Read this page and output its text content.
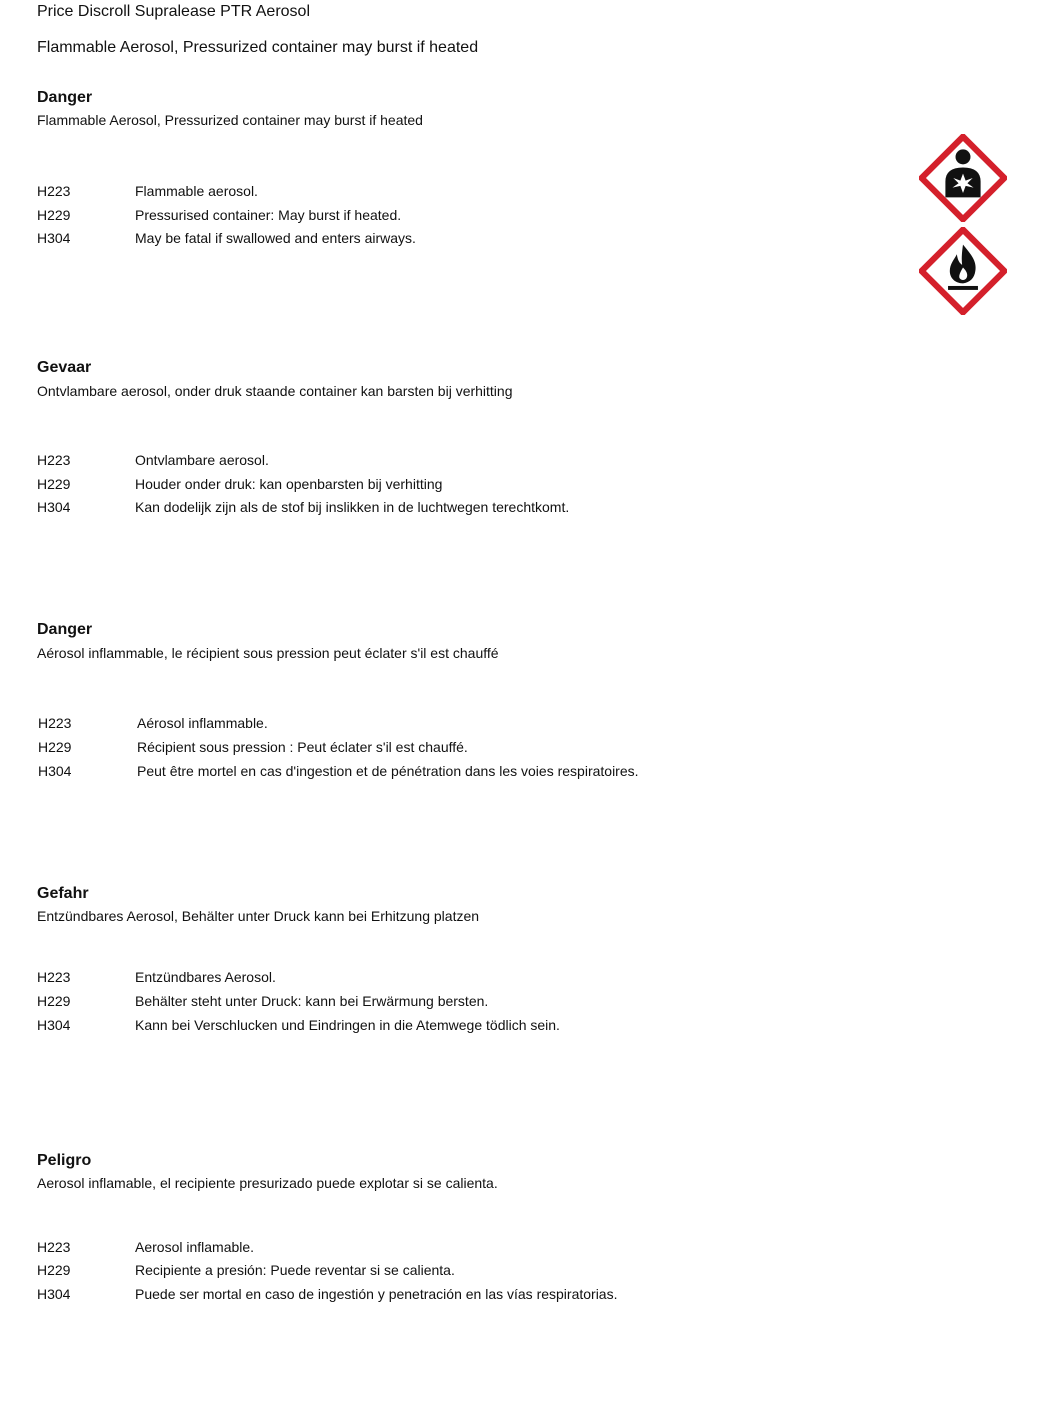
Price Discroll Supralease PTR Aerosol
Flammable Aerosol, Pressurized container may burst if heated
Danger
Flammable Aerosol, Pressurized container may burst if heated
H223	Flammable aerosol.
H229	Pressurised container: May burst if heated.
H304	May be fatal if swallowed and enters airways.
Gevaar
Ontvlambare aerosol, onder druk staande container kan barsten bij verhitting
H223	Ontvlambare aerosol.
H229	Houder onder druk: kan openbarsten bij verhitting
H304	Kan dodelijk zijn als de stof bij inslikken in de luchtwegen terechtkomt.
Danger
Aérosol inflammable, le récipient sous pression peut éclater s'il est chauffé
H223	Aérosol inflammable.
H229	Récipient sous pression : Peut éclater s'il est chauffé.
H304	Peut être mortel en cas d'ingestion et de pénétration dans les voies respiratoires.
Gefahr
Entzündbares Aerosol, Behälter unter Druck kann bei Erhitzung platzen
H223	Entzündbares Aerosol.
H229	Behälter steht unter Druck: kann bei Erwärmung bersten.
H304	Kann bei Verschlucken und Eindringen in die Atemwege tödlich sein.
Peligro
Aerosol inflamable, el recipiente presurizado puede explotar si se calienta.
H223	Aerosol inflamable.
H229	Recipiente a presión: Puede reventar si se calienta.
H304	Puede ser mortal en caso de ingestión y penetración en las vías respiratorias.
